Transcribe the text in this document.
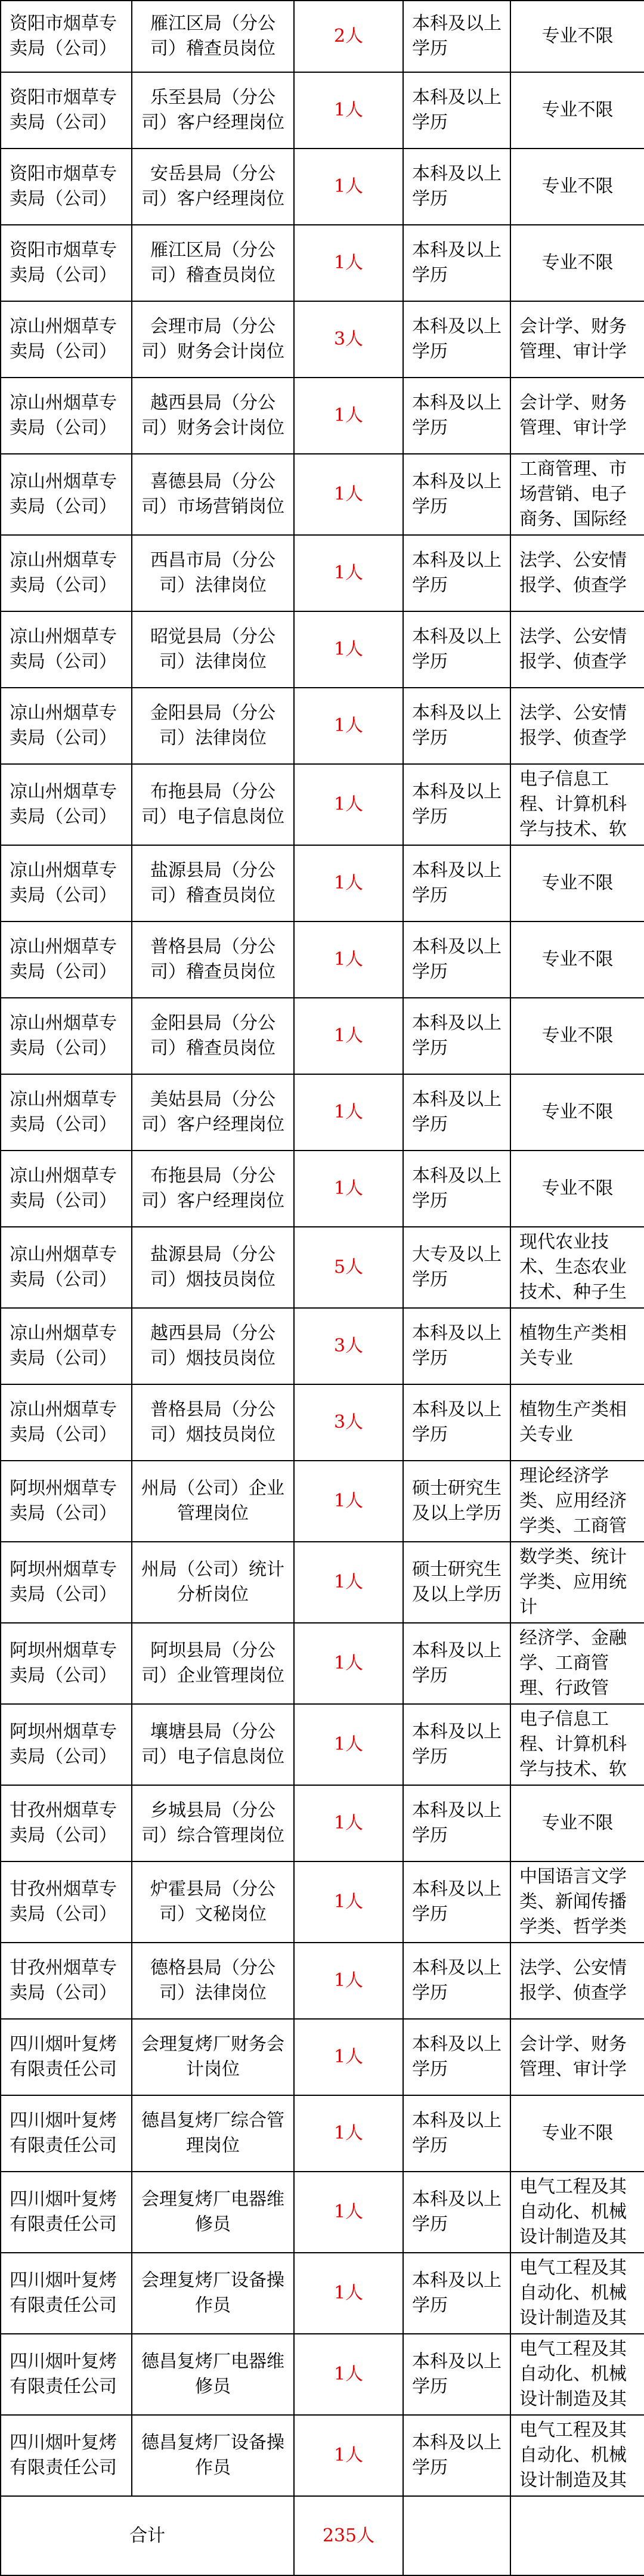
资阳市烟草专卖局（公司）	雁江区局（分公司）稽查员岗位	2人	本科及以上学历	专业不限

资阳市烟草专卖局（公司）	乐至县局（分公司）客户经理岗位	1人	本科及以上学历	专业不限

资阳市烟草专卖局（公司）	安岳县局（分公司）客户经理岗位	1人	本科及以上学历	专业不限

资阳市烟草专卖局（公司）	雁江区局（分公司）稽查员岗位	1人	本科及以上学历	专业不限

凉山州烟草专卖局（公司）	会理市局（分公司）财务会计岗位	3人	本科及以上学历	会计学、财务管理、审计学

凉山州烟草专卖局（公司）	越西县局（分公司）财务会计岗位	1人	本科及以上学历	会计学、财务管理、审计学

凉山州烟草专卖局（公司）	喜德县局（分公司）市场营销岗位	1人	本科及以上学历	工商管理、市场营销、电子商务、国际经

凉山州烟草专卖局（公司）	西昌市局（分公司）法律岗位	1人	本科及以上学历	法学、公安情报学、侦查学

凉山州烟草专卖局（公司）	昭觉县局（分公司）法律岗位	1人	本科及以上学历	法学、公安情报学、侦查学

凉山州烟草专卖局（公司）	金阳县局（分公司）法律岗位	1人	本科及以上学历	法学、公安情报学、侦查学

凉山州烟草专卖局（公司）	布拖县局（分公司）电子信息岗位	1人	本科及以上学历	电子信息工程、计算机科学与技术、软

凉山州烟草专卖局（公司）	盐源县局（分公司）稽查员岗位	1人	本科及以上学历	专业不限

凉山州烟草专卖局（公司）	普格县局（分公司）稽查员岗位	1人	本科及以上学历	专业不限

凉山州烟草专卖局（公司）	金阳县局（分公司）稽查员岗位	1人	本科及以上学历	专业不限

凉山州烟草专卖局（公司）	美姑县局（分公司）客户经理岗位	1人	本科及以上学历	专业不限

凉山州烟草专卖局（公司）	布拖县局（分公司）客户经理岗位	1人	本科及以上学历	专业不限

凉山州烟草专卖局（公司）	盐源县局（分公司）烟技员岗位	5人	大专及以上学历	现代农业技术、生态农业技术、种子生

凉山州烟草专卖局（公司）	越西县局（分公司）烟技员岗位	3人	本科及以上学历	植物生产类相关专业

凉山州烟草专卖局（公司）	普格县局（分公司）烟技员岗位	3人	本科及以上学历	植物生产类相关专业

阿坝州烟草专卖局（公司）	州局（公司）企业管理岗位	1人	硕士研究生及以上学历	理论经济学类、应用经济学类、工商管

阿坝州烟草专卖局（公司）	州局（公司）统计分析岗位	1人	硕士研究生及以上学历	数学类、统计学类、应用统计

阿坝州烟草专卖局（公司）	阿坝县局（分公司）企业管理岗位	1人	本科及以上学历	经济学、金融学、工商管理、行政管

阿坝州烟草专卖局（公司）	壤塘县局（分公司）电子信息岗位	1人	本科及以上学历	电子信息工程、计算机科学与技术、软

甘孜州烟草专卖局（公司）	乡城县局（分公司）综合管理岗位	1人	本科及以上学历	专业不限

甘孜州烟草专卖局（公司）	炉霍县局（分公司）文秘岗位	1人	本科及以上学历	中国语言文学类、新闻传播学类、哲学类

甘孜州烟草专卖局（公司）	德格县局（分公司）法律岗位	1人	本科及以上学历	法学、公安情报学、侦查学

四川烟叶复烤有限责任公司	会理复烤厂财务会计岗位	1人	本科及以上学历	会计学、财务管理、审计学

四川烟叶复烤有限责任公司	德昌复烤厂综合管理岗位	1人	本科及以上学历	专业不限

四川烟叶复烤有限责任公司	会理复烤厂电器维修员	1人	本科及以上学历	电气工程及其自动化、机械设计制造及其

四川烟叶复烤有限责任公司	会理复烤厂设备操作员	1人	本科及以上学历	电气工程及其自动化、机械设计制造及其

四川烟叶复烤有限责任公司	德昌复烤厂电器维修员	1人	本科及以上学历	电气工程及其自动化、机械设计制造及其

四川烟叶复烤有限责任公司	德昌复烤厂设备操作员	1人	本科及以上学历	电气工程及其自动化、机械设计制造及其

合计		235人		
